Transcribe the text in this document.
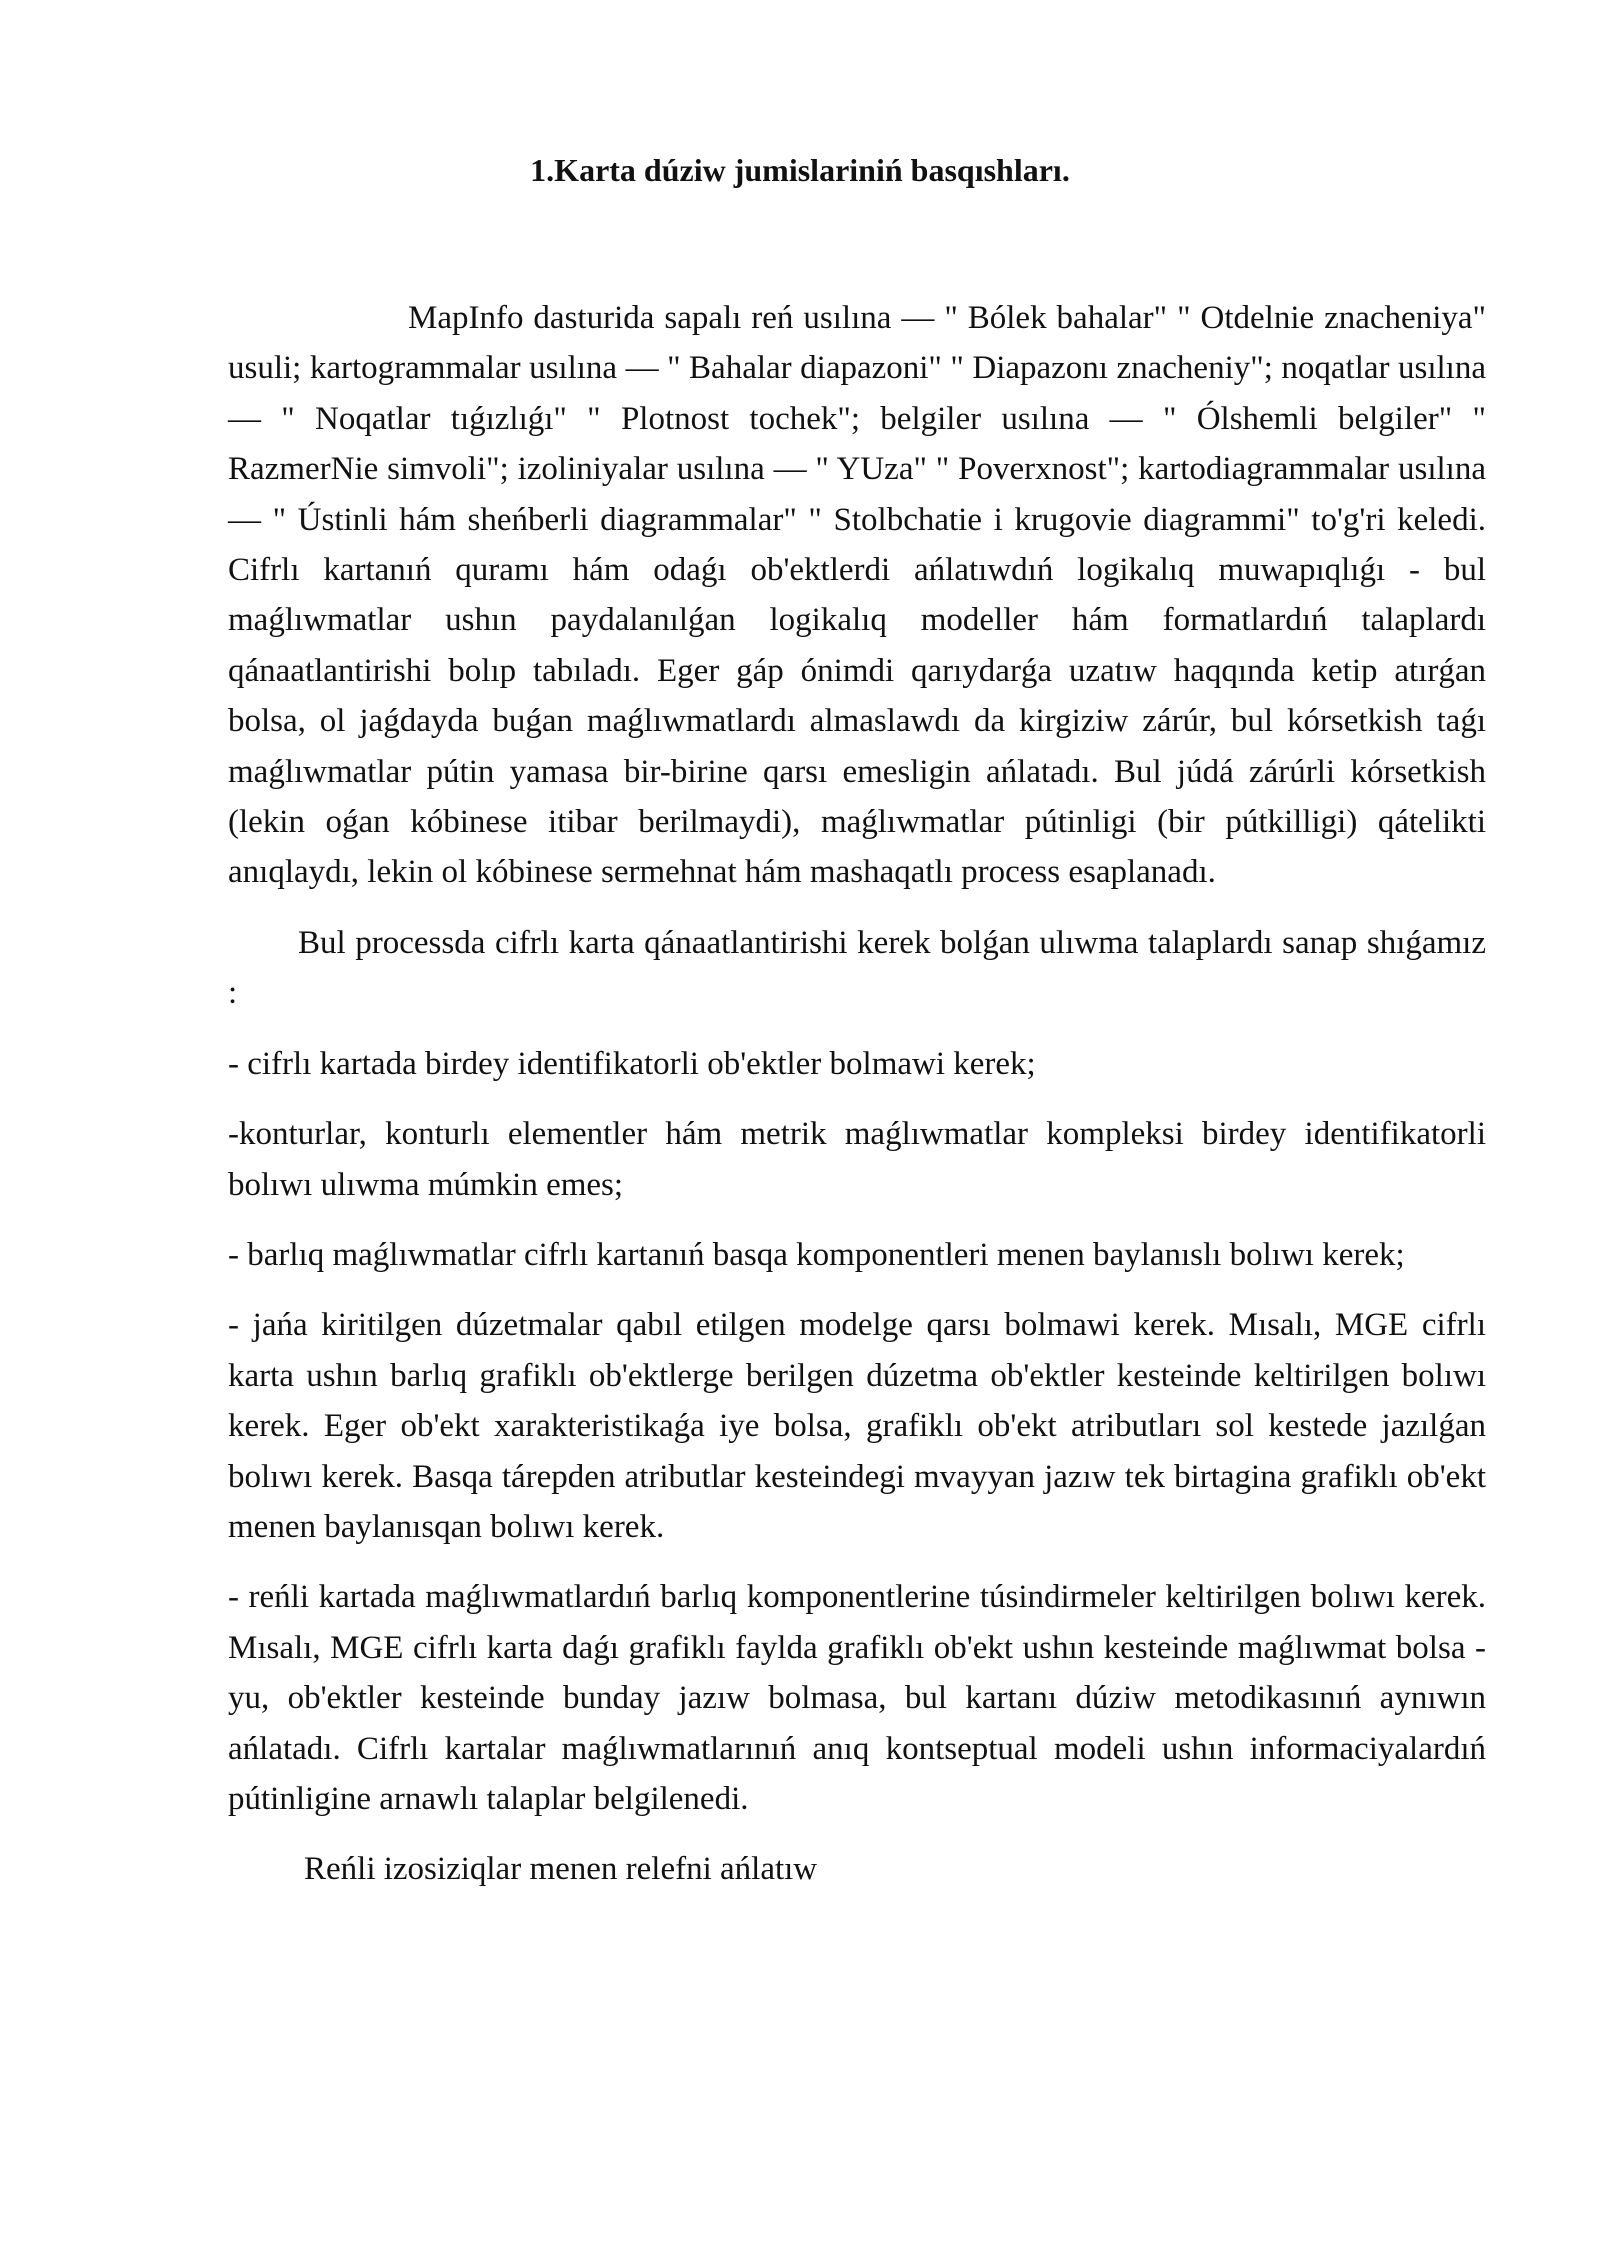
1.Karta dúziw jumislariniń basqıshları.

MapInfo dasturida sapalı reń usılına — " Bólek bahalar" " Otdelnie znacheniya" usuli; kartogrammalar usılına — " Bahalar diapazoni" " Diapazonı znacheniy"; noqatlar usılına — " Noqatlar tıǵızlıǵı" " Plotnost tochek"; belgiler usılına — " Ólshemli belgiler" " RazmerNie simvoli"; izoliniyalar usılına — " YUza" " Poverxnost"; kartodiagrammalar usılına — " Ústinli hám sheńberli diagrammalar" " Stolbchatie i krugovie diagrammi" to'g'ri keledi. Cifrlı kartanıń quramı hám odaǵı ob'ektlerdi ańlatıwdıń logikalıq muwapıqlıǵı - bul maǵlıwmatlar ushın paydalanılǵan logikalıq modeller hám formatlardıń talaplardı qánaatlantirishi bolıp tabıladı. Eger gáp ónimdi qarıydarǵa uzatıw haqqında ketip atırǵan bolsa, ol jaǵdayda buǵan maǵlıwmatlardı almaslawdı da kirgiziw zárúr, bul kórsetkish taǵı maǵlıwmatlar pútin yamasa bir-birine qarsı emesligin ańlatadı. Bul júdá zárúrli kórsetkish (lekin oǵan kóbinese itibar berilmaydi), maǵlıwmatlar pútinligi (bir pútkilligi) qátelikti anıqlaydı, lekin ol kóbinese sermehnat hám mashaqatlı process esaplanadı.

Bul processda cifrlı karta qánaatlantirishi kerek bolǵan ulıwma talaplardı sanap shıǵamız :

- cifrlı kartada birdey identifikatorli ob'ektler bolmawi kerek;

-konturlar, konturlı elementler hám metrik maǵlıwmatlar kompleksi birdey identifikatorli bolıwı ulıwma múmkin emes;

- barlıq maǵlıwmatlar cifrlı kartanıń basqa komponentleri menen baylanıslı bolıwı kerek;

- jańa kiritilgen dúzetmalar qabıl etilgen modelge qarsı bolmawi kerek. Mısalı, MGE cifrlı karta ushın barlıq grafiklı ob'ektlerge berilgen dúzetma ob'ektler kesteinde keltirilgen bolıwı kerek. Eger ob'ekt xarakteristikaǵa iye bolsa, grafiklı ob'ekt atributları sol kestede jazılǵan bolıwı kerek. Basqa tárepden atributlar kesteindegi mvayyan jazıw tek birtagina grafiklı ob'ekt menen baylanısqan bolıwı kerek.

- reńli kartada maǵlıwmatlardıń barlıq komponentlerine túsindirmeler keltirilgen bolıwı kerek. Mısalı, MGE cifrlı karta daǵı grafiklı faylda grafiklı ob'ekt ushın kesteinde maǵlıwmat bolsa -yu, ob'ektler kesteinde bunday jazıw bolmasa, bul kartanı dúziw metodikasınıń aynıwın ańlatadı. Cifrlı kartalar maǵlıwmatlarınıń anıq kontseptual modeli ushın informaciyalardıń pútinligine arnawlı talaplar belgilenedi.

Reńli izosiziqlar menen relefni ańlatıw
